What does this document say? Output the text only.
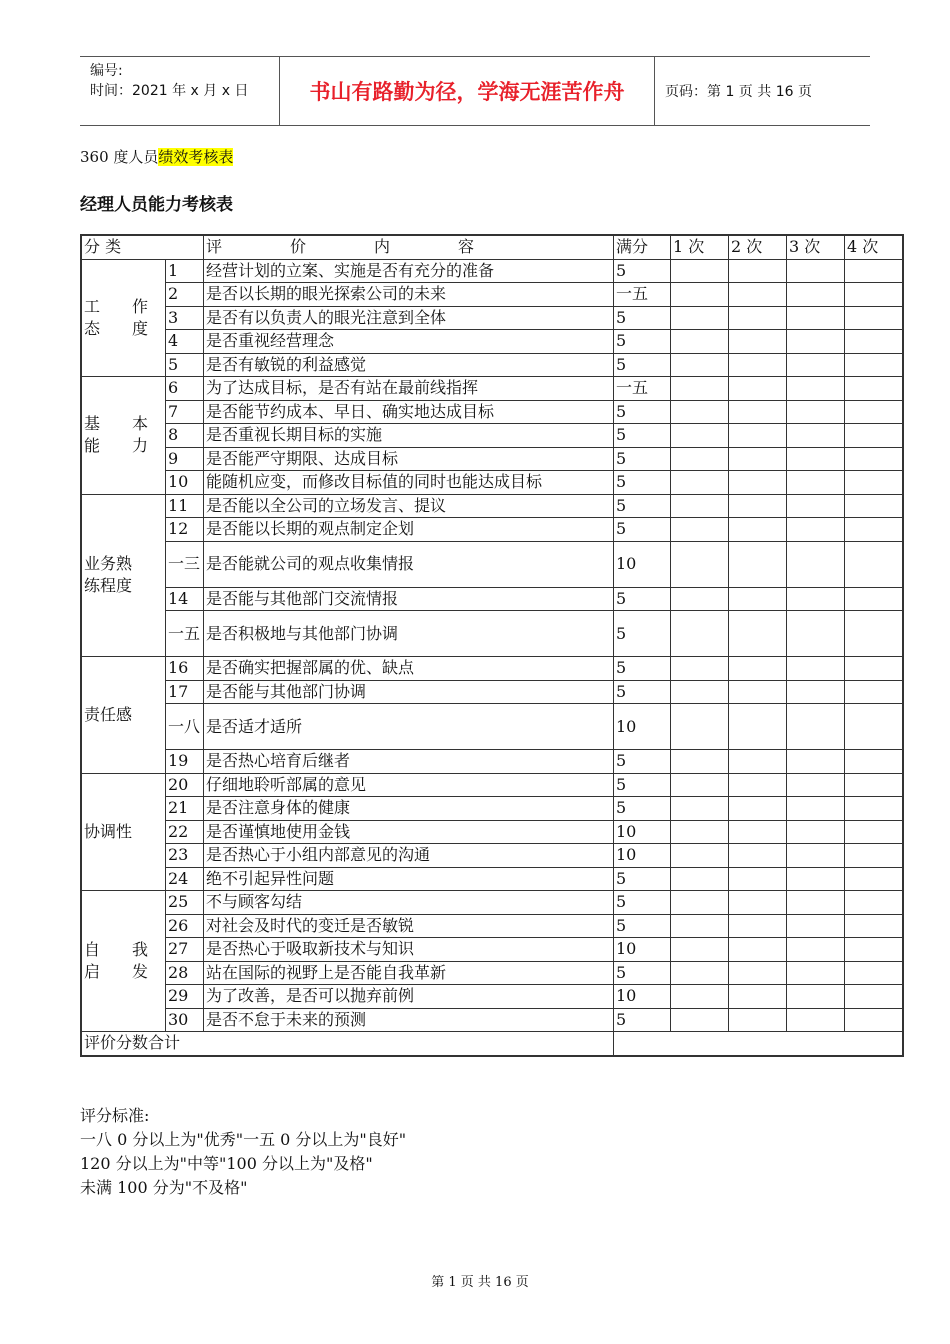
编号:
时间：2021 年 x 月 x 日	书山有路勤为径，学海无涯苦作舟	页码：第 1 页 共 16 页
360 度人员绩效考核表
经理人员能力考核表
分 类		评　价　内　容	满分	1 次	2 次	3 次	4 次

工　　作
态　　度	1	经营计划的立案、实施是否有充分的准备	5				
	2	是否以长期的眼光探索公司的未来	一五				
	3	是否有以负责人的眼光注意到全体	5				
	4	是否重视经营理念	5				
	5	是否有敏锐的利益感觉	5				

基　　本
能　　力	6	为了达成目标，是否有站在最前线指挥	一五				
	7	是否能节约成本、早日、确实地达成目标	5				
	8	是否重视长期目标的实施	5				
	9	是否能严守期限、达成目标	5				
	10	能随机应变，而修改目标值的同时也能达成目标	5				

业务熟
练程度	11	是否能以全公司的立场发言、提议	5				
	12	是否能以长期的观点制定企划	5				
	一三	是否能就公司的观点收集情报	10				
	14	是否能与其他部门交流情报	5				
	一五	是否积极地与其他部门协调	5				

责任感	16	是否确实把握部属的优、缺点	5				
	17	是否能与其他部门协调	5				
	一八	是否适才适所	10				
	19	是否热心培育后继者	5				

协调性	20	仔细地聆听部属的意见	5				
	21	是否注意身体的健康	5				
	22	是否谨慎地使用金钱	10				
	23	是否热心于小组内部意见的沟通	10				
	24	绝不引起异性问题	5				

自　　我
启　　发	25	不与顾客勾结	5				
	26	对社会及时代的变迁是否敏锐	5				
	27	是否热心于吸取新技术与知识	10				
	28	站在国际的视野上是否能自我革新	5				
	29	为了改善，是否可以抛弃前例	10				
	30	是否不怠于未来的预测	5				
评价分数合计							
评分标准:
一八 0 分以上为"优秀"一五 0 分以上为"良好"
120 分以上为"中等"100 分以上为"及格"
未满 100 分为"不及格"
第 1 页 共 16 页
